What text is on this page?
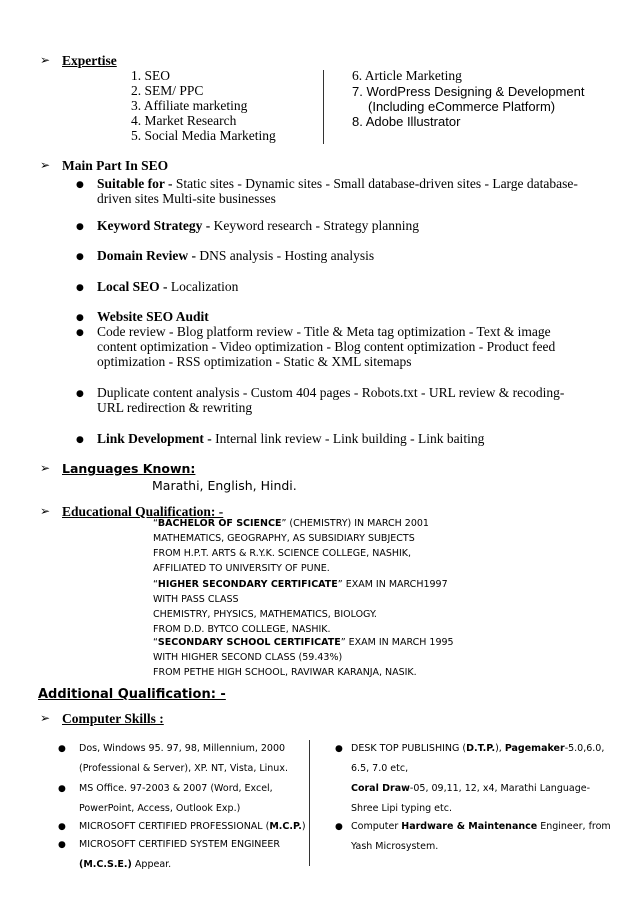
➢ Expertise
1. SEO
2. SEM/ PPC
3. Affiliate marketing
4. Market Research
5. Social Media Marketing
6. Article Marketing
7. WordPress Designing & Development
(Including eCommerce Platform)
8. Adobe Illustrator
➢ Main Part In SEO
● Suitable for - Static sites - Dynamic sites - Small database-driven sites - Large database-driven sites Multi-site businesses
● Keyword Strategy - Keyword research - Strategy planning
● Domain Review - DNS analysis - Hosting analysis
● Local SEO - Localization
● Website SEO Audit
● Code review - Blog platform review - Title & Meta tag optimization - Text & image content optimization - Video optimization - Blog content optimization - Product feed optimization - RSS optimization - Static & XML sitemaps
● Duplicate content analysis - Custom 404 pages - Robots.txt - URL review & recoding- URL redirection & rewriting
● Link Development - Internal link review - Link building - Link baiting
➢ Languages Known:
Marathi, English, Hindi.
➢ Educational Qualification: -
“BACHELOR OF SCIENCE” (CHEMISTRY) IN MARCH 2001
MATHEMATICS, GEOGRAPHY, AS SUBSIDIARY SUBJECTS
FROM H.P.T. ARTS & R.Y.K. SCIENCE COLLEGE, NASHIK,
AFFILIATED TO UNIVERSITY OF PUNE.
“HIGHER SECONDARY CERTIFICATE” EXAM IN MARCH1997
WITH PASS CLASS
CHEMISTRY, PHYSICS, MATHEMATICS, BIOLOGY.
FROM D.D. BYTCO COLLEGE, NASHIK.
“SECONDARY SCHOOL CERTIFICATE” EXAM IN MARCH 1995
WITH HIGHER SECOND CLASS (59.43%)
FROM PETHE HIGH SCHOOL, RAVIWAR KARANJA, NASIK.
Additional Qualification: -
➢ Computer Skills :
● Dos, Windows 95. 97, 98, Millennium, 2000 (Professional & Server), XP. NT, Vista, Linux.
● MS Office. 97-2003 & 2007 (Word, Excel, PowerPoint, Access, Outlook Exp.)
● MICROSOFT CERTIFIED PROFESSIONAL (M.C.P.)
● MICROSOFT CERTIFIED SYSTEM ENGINEER
(M.C.S.E.) Appear.
● DESK TOP PUBLISHING (D.T.P.), Pagemaker-5.0,6.0, 6.5, 7.0 etc,
Coral Draw-05, 09,11, 12, x4, Marathi Language- Shree Lipi typing etc.
● Computer Hardware & Maintenance Engineer, from Yash Microsystem.
